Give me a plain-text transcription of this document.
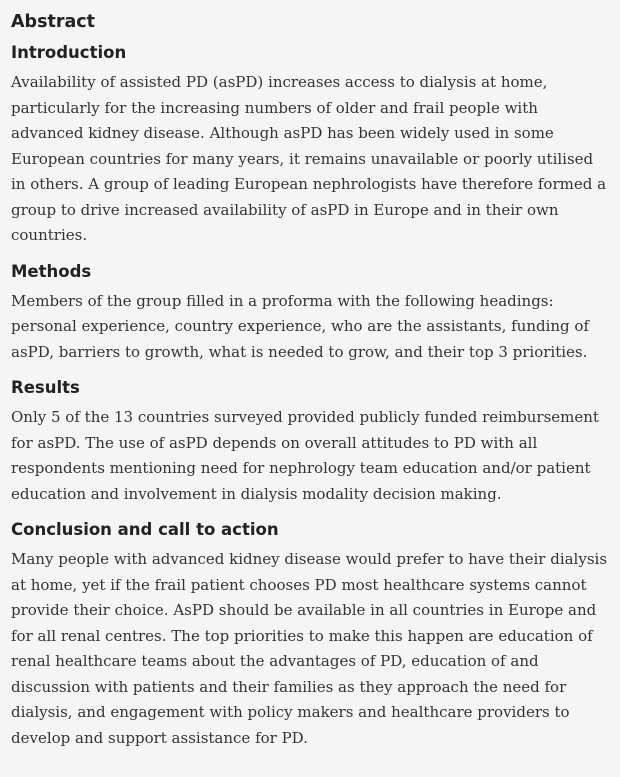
Abstract
Introduction

Availability of assisted PD (asPD) increases access to dialysis at home, particularly for the increasing numbers of older and frail people with advanced kidney disease. Although asPD has been widely used in some European countries for many years, it remains unavailable or poorly utilised in others. A group of leading European nephrologists have therefore formed a group to drive increased availability of asPD in Europe and in their own countries.

Methods

Members of the group filled in a proforma with the following headings: personal experience, country experience, who are the assistants, funding of asPD, barriers to growth, what is needed to grow, and their top 3 priorities.

Results

Only 5 of the 13 countries surveyed provided publicly funded reimbursement for asPD. The use of asPD depends on overall attitudes to PD with all respondents mentioning need for nephrology team education and/or patient education and involvement in dialysis modality decision making.

Conclusion and call to action

Many people with advanced kidney disease would prefer to have their dialysis at home, yet if the frail patient chooses PD most healthcare systems cannot provide their choice. AsPD should be available in all countries in Europe and for all renal centres. The top priorities to make this happen are education of renal healthcare teams about the advantages of PD, education of and discussion with patients and their families as they approach the need for dialysis, and engagement with policy makers and healthcare providers to develop and support assistance for PD.
